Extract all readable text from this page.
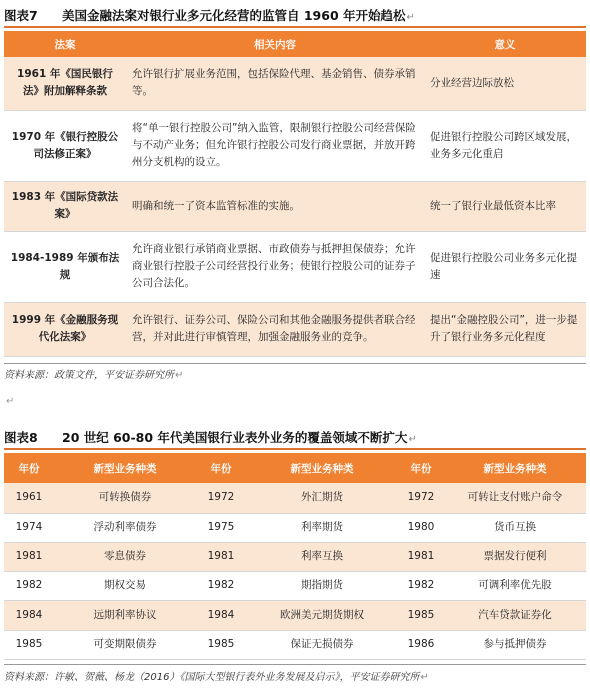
图表7 美国金融法案对银行业多元化经营的监管自 1960 年开始趋松↵
法案	相关内容	意义
1961 年《国民银行法》附加解释条款	允许银行扩展业务范围，包括保险代理、基金销售、债券承销等。	分业经营边际放松
1970 年《银行控股公司法修正案》	将“单一银行控股公司”纳入监管，限制银行控股公司经营保险与不动产业务；但允许银行控股公司发行商业票据，并放开跨州分支机构的设立。	促进银行控股公司跨区域发展，业务多元化重启
1983 年《国际贷款法案》	明确和统一了资本监管标准的实施。	统一了银行业最低资本比率
1984-1989 年颁布法规	允许商业银行承销商业票据、市政债券与抵押担保债券；允许商业银行控股子公司经营投行业务；使银行控股公司的证券子公司合法化。	促进银行控股公司业务多元化提速
1999 年《金融服务现代化法案》	允许银行、证券公司、保险公司和其他金融服务提供者联合经营，并对此进行审慎管理，加强金融服务业的竞争。	提出“金融控股公司”，进一步提升了银行业务多元化程度
资料来源：政策文件，平安证券研究所↵
↵
图表8 20 世纪 60-80 年代美国银行业表外业务的覆盖领域不断扩大↵
年份	新型业务种类	年份	新型业务种类	年份	新型业务种类
1961	可转换债券	1972	外汇期货	1972	可转让支付账户命令
1974	浮动利率债券	1975	利率期货	1980	货币互换
1981	零息债券	1981	利率互换	1981	票据发行便利
1982	期权交易	1982	期指期货	1982	可调利率优先股
1984	远期利率协议	1984	欧洲美元期货期权	1985	汽车贷款证券化
1985	可变期限债券	1985	保证无损债券	1986	参与抵押债券
资料来源：许敏、贺薇、杨龙（2016）《国际大型银行表外业务发展及启示》，平安证券研究所↵
